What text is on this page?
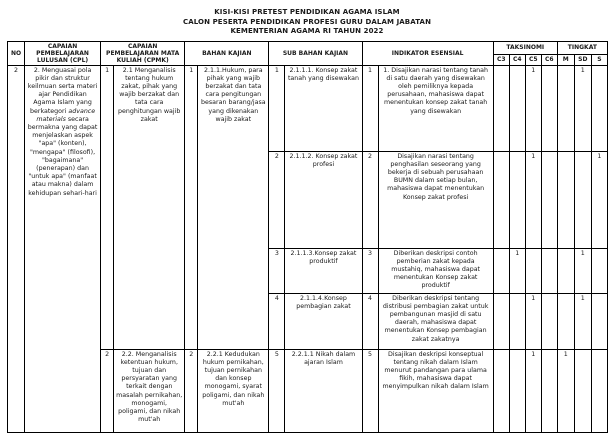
KISI-KISI PRETEST PENDIDIKAN AGAMA ISLAM
CALON PESERTA PENDIDIKAN PROFESI GURU DALAM JABATAN
KEMENTERIAN AGAMA RI TAHUN 2022
NO	CAPAIAN PEMBELAJARAN LULUSAN (CPL)	CAPAIAN PEMBELAJARAN MATA KULIAH (CPMK)		BAHAN KAJIAN		SUB BAHAN KAJIAN		INDIKATOR ESENSIAL		TAKSINOMI				TINGKAT		
										C3	C4	C5	C6	M	SD	S
2	2. Menguasai pola pikir dan struktur keilmuan serta materi ajar Pendidikan Agama Islam yang berkategori advance materials secara bermakna yang dapat menjelaskan aspek "apa" (konten), "mengapa" (filosofi), "bagaimana" (penerapan) dan "untuk apa" (manfaat atau makna) dalam kehidupan sehari-hari	1	2.1 Menganalisis tentang hukum zakat, pihak yang wajib berzakat dan tata cara penghitungan wajib zakat	1	2.1.1.Hukum, para pihak yang wajib berzakat dan tata cara pengitungan besaran barang/jasa yang dikenakan wajib zakat	1	2.1.1.1. Konsep zakat tanah yang disewakan	1	1. Disajikan narasi tentang tanah di satu daerah yang disewakan oleh pemiliknya kepada perusahaan, mahasiswa dapat menentukan konsep zakat tanah yang disewakan			1			1	
						2	2.1.1.2. Konsep zakat profesi	2	Disajikan narasi tentang penghasilan seseorang yang bekerja di sebuah perusahaan BUMN dalam setiap bulan, mahasiswa dapat menentukan Konsep zakat profesi			1				1
						3	2.1.1.3.Konsep zakat produktif	3	Diberikan deskripsi contoh pemberian zakat kepada mustahiq, mahasiswa dapat menentukan Konsep zakat produktif		1				1	
						4	2.1.1.4.Konsep pembagian zakat	4	Diberikan deskripsi tentang distribusi pembagian zakat untuk pembangunan masjid di satu daerah, mahasiswa dapat menentukan Konsep pembagian zakat zakatnya			1			1	
		2	2.2. Menganalisis ketentuan hukum, tujuan dan persyaratan yang terkait dengan masalah pernikahan, monogami, poligami, dan nikah mut'ah	2	2.2.1 Kedudukan hukum pernikahan, tujuan pernikahan dan konsep monogami, syarat poligami, dan nikah mut'ah	5	2.2.1.1 Nikah dalam ajaran Islam	5	Disajikan deskripsi konseptual tentang nikah dalam Islam menurut pandangan para ulama fikih, mahasiswa dapat menyimpulkan nikah dalam Islam			1		1		
